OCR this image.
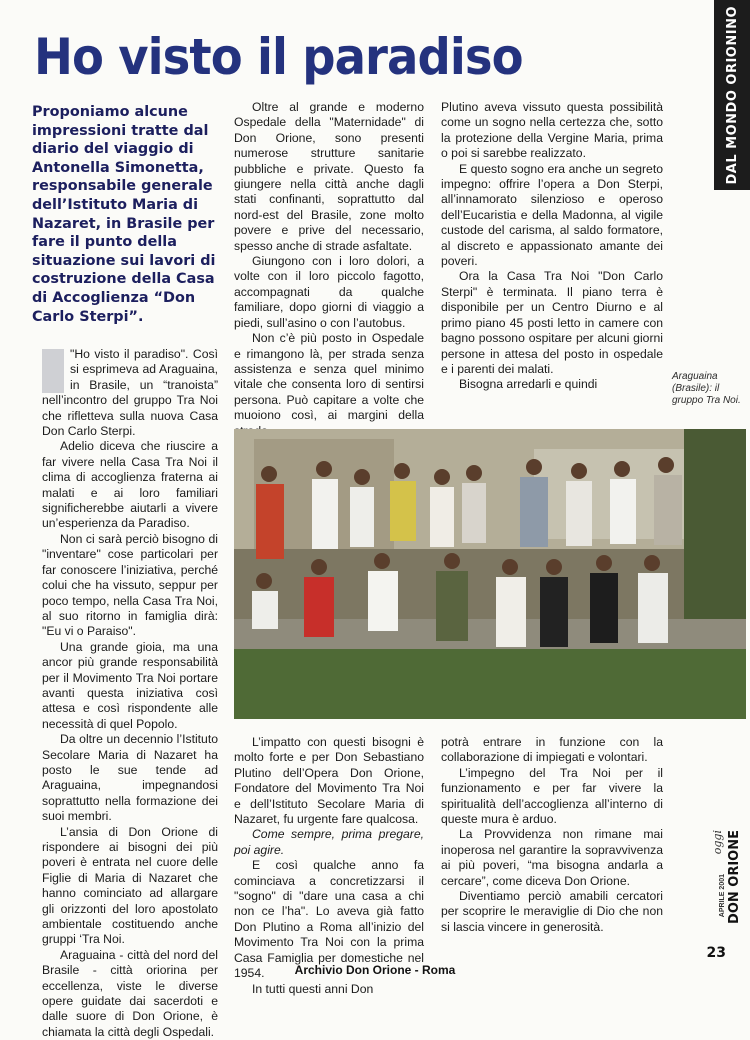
Ho visto il paradiso	DAL MONDO ORIONINO

Proponiamo alcune impressioni tratte dal diario del viaggio di Antonella Simonetta, responsabile generale dell’Istituto Maria di Nazaret, in Brasile per fare il punto della situazione sui lavori di costruzione della Casa di Accoglienza “Don Carlo Sterpi”.

"Ho visto il paradiso". Così si esprimeva ad Araguaina, in Brasile, un “tranoista” nell’incontro del gruppo Tra Noi che rifletteva sulla nuova Casa Don Carlo Sterpi.

Adelio diceva che riuscire a far vivere nella Casa Tra Noi il clima di accoglienza fraterna ai malati e ai loro familiari significherebbe aiutarli a vivere un’esperienza da Paradiso.

Non ci sarà perciò bisogno di "inventare" cose particolari per far conoscere l’iniziativa, perché colui che ha vissuto, seppur per poco tempo, nella Casa Tra Noi, al suo ritorno in famiglia dirà: "Eu vi o Paraiso".

Una grande gioia, ma una ancor più grande responsabilità per il Movimento Tra Noi portare avanti questa iniziativa così attesa e così rispondente alle necessità di quel Popolo.

Da oltre un decennio l’Istituto Secolare Maria di Nazaret ha posto le sue tende ad Araguaina, impegnandosi soprattutto nella formazione dei suoi membri.

L’ansia di Don Orione di rispondere ai bisogni dei più poveri è entrata nel cuore delle Figlie di Maria di Nazaret che hanno cominciato ad allargare gli orizzonti del loro apostolato ambientale costituendo anche gruppi ‘Tra Noi.

Araguaina - città del nord del Brasile - città oriorina per eccellenza, viste le diverse opere guidate dai sacerdoti e dalle suore di Don Orione, è chiamata la città degli Ospedali.

Oltre al grande e moderno Ospedale della "Maternidade" di Don Orione, sono presenti numerose strutture sanitarie pubbliche e private. Questo fa giungere nella città anche dagli stati confinanti, soprattutto dal nord-est del Brasile, zone molto povere e prive del necessario, spesso anche di strade asfaltate.

Giungono con i loro dolori, a volte con il loro piccolo fagotto, accompagnati da qualche familiare, dopo giorni di viaggio a piedi, sull’asino o con l’autobus.

Non c’è più posto in Ospedale e rimangono là, per strada senza assistenza e senza quel minimo vitale che consenta loro di sentirsi persona. Può capitare a volte che muoiono così, ai margini della

Plutino aveva vissuto questa possibilità come un sogno nella certezza che, sotto la protezione della Vergine Maria, prima o poi si sarebbe realizzato.

E questo sogno era anche un segreto impegno: offrire l’opera a Don Sterpi, all’innamorato silenzioso e operoso dell’Eucaristia e della Madonna, al vigile custode del carisma, al saldo formatore, al discreto e appassionato amante dei poveri.

Ora la Casa Tra Noi "Don Carlo Sterpi" è terminata. Il piano terra è disponibile per un Centro Diurno e al primo piano 45 posti letto in camere con bagno possono ospitare per alcuni giorni persone in attesa del posto in ospedale e i parenti dei malati.

Bisogna arredarli e quindi

Araguaina (Brasile): il gruppo Tra Noi.

L’impatto con questi bisogni è molto forte e per Don Sebastiano Plutino dell’Opera Don Orione, Fondatore del Movimento Tra Noi e dell’Istituto Secolare Maria di Nazaret, fu urgente fare qualcosa.

Come sempre, prima pregare, poi agire.

E così qualche anno fa cominciava a concretizzarsi il "sogno" di "dare una casa a chi non ce l’ha". Lo aveva già fatto Don Plutino a Roma all’inizio del Movimento Tra Noi con la prima Casa Famiglia per domestiche nel 1954.

In tutti questi anni Don

potrà entrare in funzione con la collaborazione di impiegati e volontari.

L’impegno del Tra Noi per il funzionamento e per far vivere la spiritualità dell’accoglienza all’interno di queste mura è arduo.

La Provvidenza non rimane mai inoperosa nel garantire la sopravvivenza ai più poveri, “ma bisogna andarla a cercare”, come diceva Don Orione.

Diventiamo perciò amabili cercatori per scoprire le meraviglie di Dio che non si lascia vincere in generosità.

DON ORIONE
oggi
APRILE 2001
23
Archivio Don Orione - Roma
